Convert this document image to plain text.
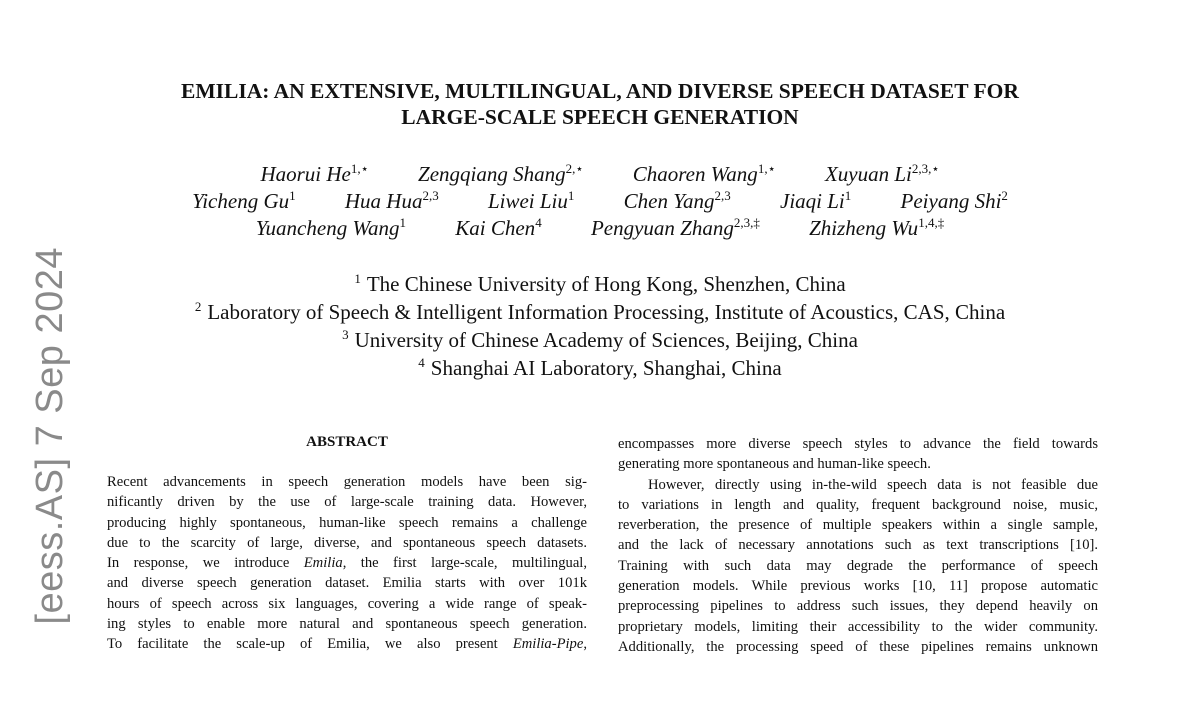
[eess.AS] 7 Sep 2024
EMILIA: AN EXTENSIVE, MULTILINGUAL, AND DIVERSE SPEECH DATASET FOR
LARGE-SCALE SPEECH GENERATION
Haorui $He^{1,⋆}$ Zengqiang Shang$^{2,⋆}$ Chaoren Wang$^{1,⋆}$ Xuyuan $Li^{2,3,⋆}$
Yicheng Gu$^1$ Hua Hua$^{2,3}$ Liwei Liu$^1$ Chen Yang$^{2,3}$ Jiaqi Li$^1$ Peiyang Shi$^2$
Yuancheng Wang$^1$ Kai Chen$^4$ Pengyuan Zhang$^{2,3,\ddagger}$ Zhizheng $Wu^{1,4,\ddagger}$
$^1$ The Chinese University of Hong Kong, Shenzhen, China
$^2$ Laboratory of Speech & Intelligent Information Processing, Institute of Acoustics, CAS, China
$^3$ University of Chinese Academy of Sciences, Beijing, China
$^4$ Shanghai AI Laboratory, Shanghai, China
ABSTRACT
Recent advancements in speech generation models have been sig-
nificantly driven by the use of large-scale training data. However,
producing highly spontaneous, human-like speech remains a challenge
due to the scarcity of large, diverse, and spontaneous speech datasets.
In response, we introduce Emilia, the first large-scale, multilingual,
and diverse speech generation dataset. Emilia starts with over 101k
hours of speech across six languages, covering a wide range of speak-
ing styles to enable more natural and spontaneous speech generation.
To facilitate the scale-up of Emilia, we also present Emilia-Pipe,
encompasses more diverse speech styles to advance the field towards
generating more spontaneous and human-like speech.
However, directly using in-the-wild speech data is not feasible due
to variations in length and quality, frequent background noise, music,
reverberation, the presence of multiple speakers within a single sample,
and the lack of necessary annotations such as text transcriptions [10].
Training with such data may degrade the performance of speech
generation models. While previous works [10, 11] propose automatic
preprocessing pipelines to address such issues, they depend heavily on
proprietary models, limiting their accessibility to the wider community.
Additionally, the processing speed of these pipelines remains unknown
